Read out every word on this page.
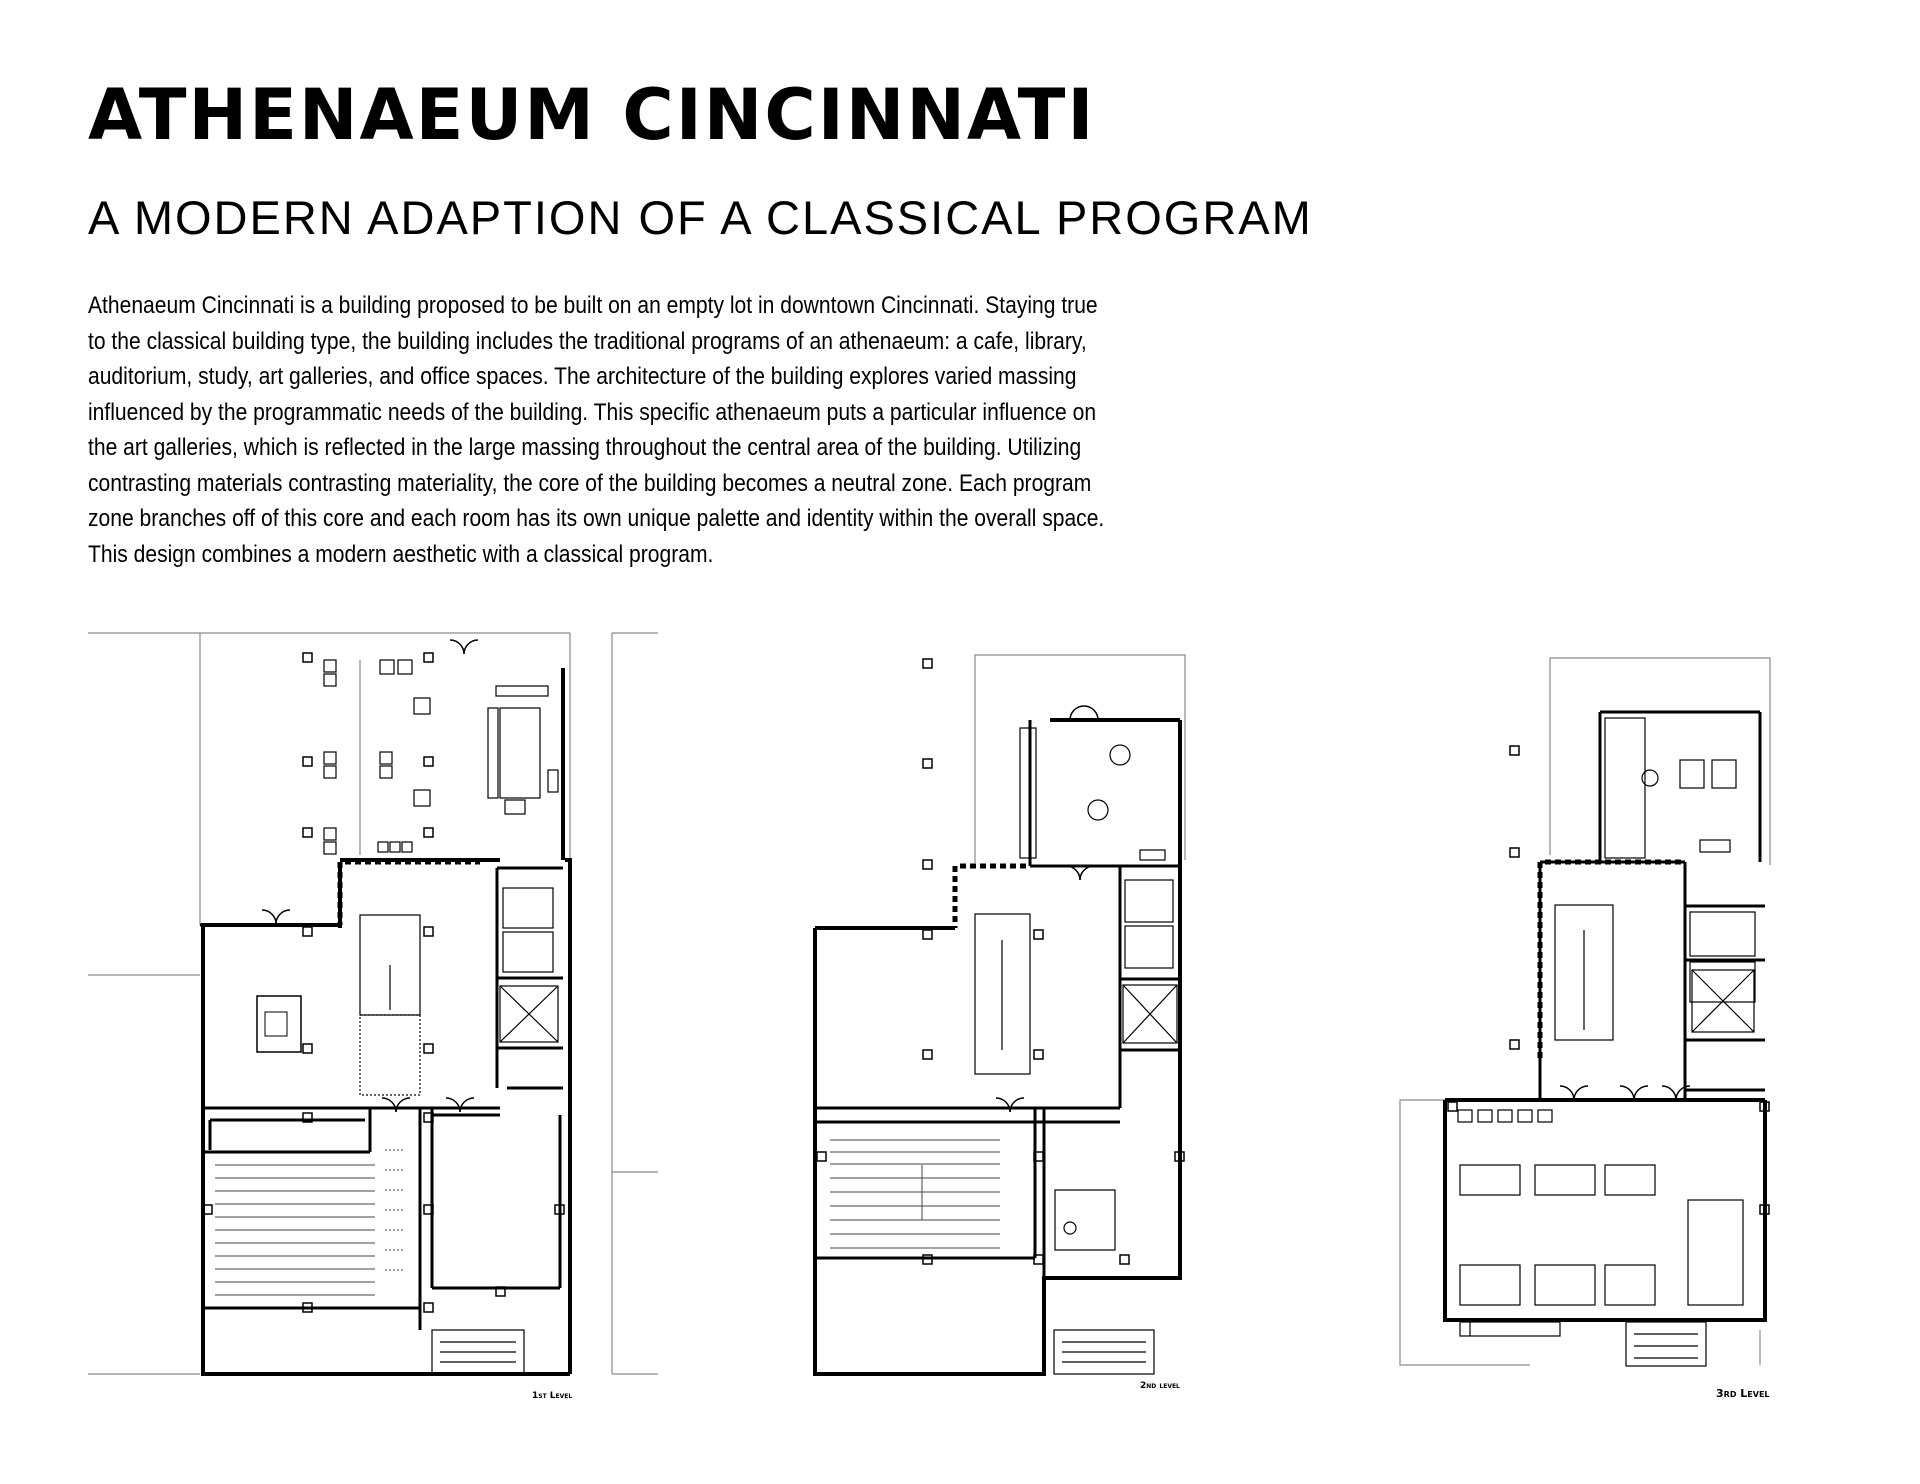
ATHENAEUM CINCINNATI
A MODERN ADAPTION OF A CLASSICAL PROGRAM

Athenaeum Cincinnati is a building proposed to be built on an empty lot in downtown Cincinnati. Staying true

to the classical building type, the building includes the traditional programs of an athenaeum: a cafe, library,

auditorium, study, art galleries, and office spaces. The architecture of the building explores varied massing

influenced by the programmatic needs of the building. This specific athenaeum puts a particular influence on

the art galleries, which is reflected in the large massing throughout the central area of the building. Utilizing

contrasting materials contrasting materiality, the core of the building becomes a neutral zone. Each program

zone branches off of this core and each room has its own unique palette and identity within the overall space.

This design combines a modern aesthetic with a classical program.

1st Level
2nd level
3rd Level
